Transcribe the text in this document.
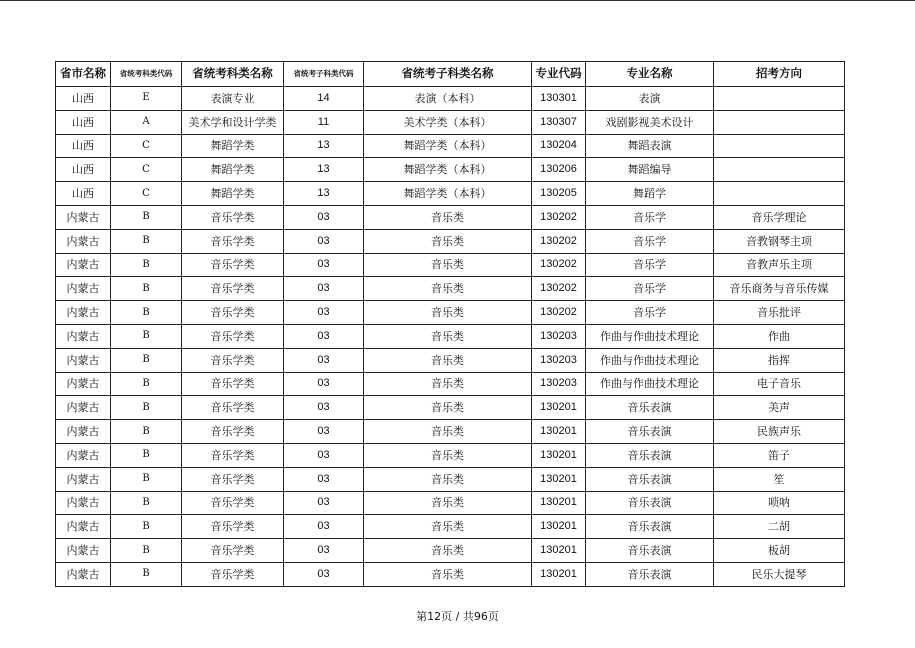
省市名称	省统考科类代码	省统考科类名称	省统考子科类代码	省统考子科类名称	专业代码	专业名称	招考方向
山西	E	表演专业	14	表演（本科）	130301	表演	
山西	A	美术学和设计学类	11	美术学类（本科）	130307	戏剧影视美术设计	
山西	C	舞蹈学类	13	舞蹈学类（本科）	130204	舞蹈表演	
山西	C	舞蹈学类	13	舞蹈学类（本科）	130206	舞蹈编导	
山西	C	舞蹈学类	13	舞蹈学类（本科）	130205	舞蹈学	
内蒙古	B	音乐学类	03	音乐类	130202	音乐学	音乐学理论
内蒙古	B	音乐学类	03	音乐类	130202	音乐学	音教钢琴主项
内蒙古	B	音乐学类	03	音乐类	130202	音乐学	音教声乐主项
内蒙古	B	音乐学类	03	音乐类	130202	音乐学	音乐商务与音乐传媒
内蒙古	B	音乐学类	03	音乐类	130202	音乐学	音乐批评
内蒙古	B	音乐学类	03	音乐类	130203	作曲与作曲技术理论	作曲
内蒙古	B	音乐学类	03	音乐类	130203	作曲与作曲技术理论	指挥
内蒙古	B	音乐学类	03	音乐类	130203	作曲与作曲技术理论	电子音乐
内蒙古	B	音乐学类	03	音乐类	130201	音乐表演	美声
内蒙古	B	音乐学类	03	音乐类	130201	音乐表演	民族声乐
内蒙古	B	音乐学类	03	音乐类	130201	音乐表演	笛子
内蒙古	B	音乐学类	03	音乐类	130201	音乐表演	笙
内蒙古	B	音乐学类	03	音乐类	130201	音乐表演	唢呐
内蒙古	B	音乐学类	03	音乐类	130201	音乐表演	二胡
内蒙古	B	音乐学类	03	音乐类	130201	音乐表演	板胡
内蒙古	B	音乐学类	03	音乐类	130201	音乐表演	民乐大提琴
第12页 / 共96页
